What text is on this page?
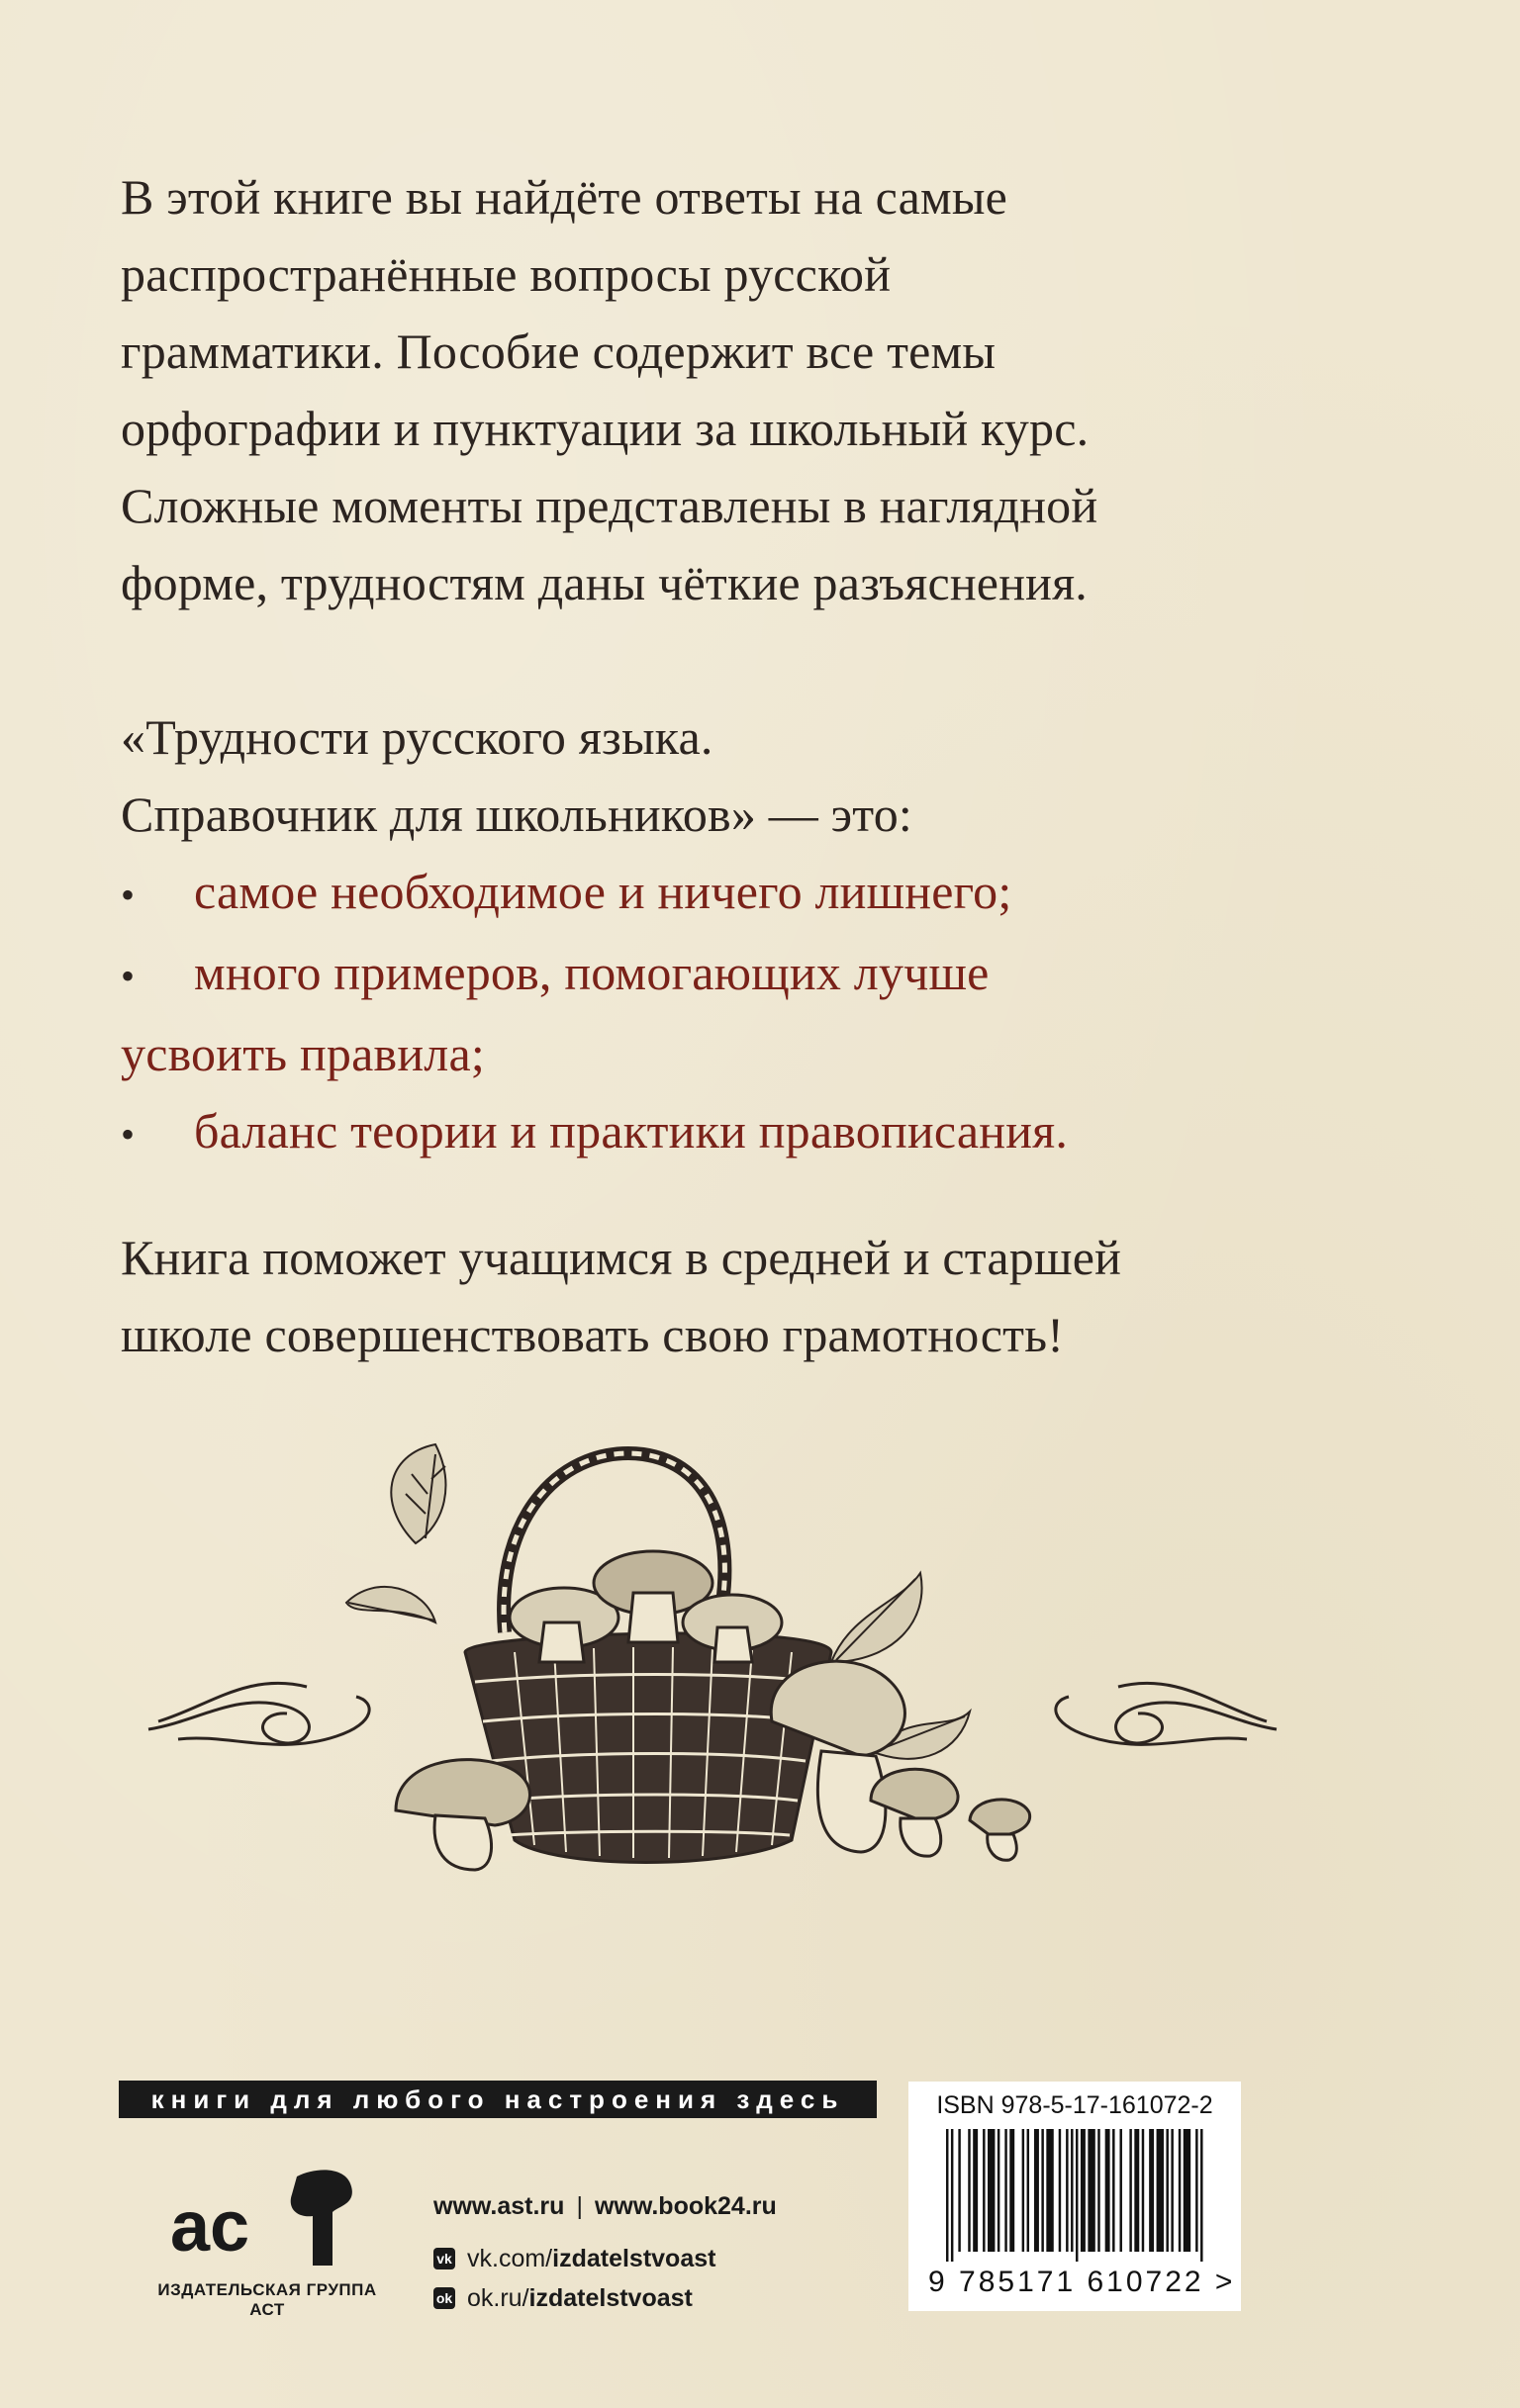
В этой книге вы найдёте ответы на самые
распространённые вопросы русской
грамматики. Пособие содержит все темы
орфографии и пунктуации за школьный курс.
Сложные моменты представлены в наглядной
форме, трудностям даны чёткие разъяснения.
«Трудности русского языка.
Справочник для школьников» — это:
• самое необходимое и ничего лишнего;
• много примеров, помогающих лучше
усвоить правила;
• баланс теории и практики правописания.
Книга поможет учащимся в средней и старшей
школе совершенствовать свою грамотность!
книги для любого настроения здесь
ac
ИЗДАТЕЛЬСКАЯ ГРУППА АСТ
www.ast.ru | www.book24.ru
vk vk.com/ izdatelstvoast
ok ok.ru/ izdatelstvoast
ISBN 978-5-17-161072-2
9 785171 610722 >
